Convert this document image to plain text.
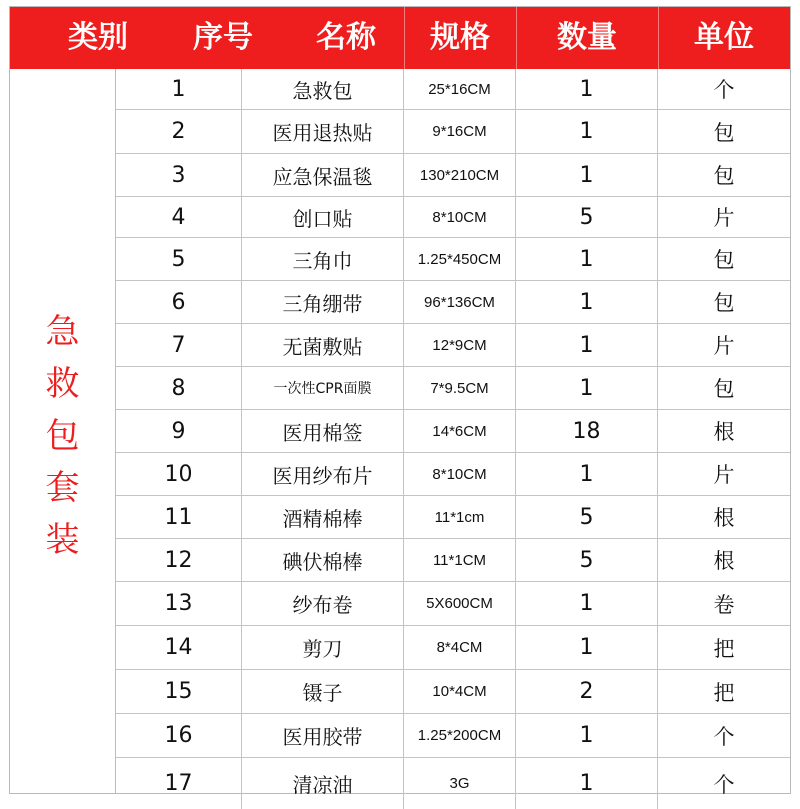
类别	序号	名称	规格	数量	单位
急救包套装
1	急救包	25*16CM	1	个
2	医用退热贴	9*16CM	1	包
3	应急保温毯	130*210CM	1	包
4	创口贴	8*10CM	5	片
5	三角巾	1.25*450CM	1	包
6	三角绷带	96*136CM	1	包
7	无菌敷贴	12*9CM	1	片
8	一次性CPR面膜	7*9.5CM	1	包
9	医用棉签	14*6CM	18	根
10	医用纱布片	8*10CM	1	片
11	酒精棉棒	11*1cm	5	根
12	碘伏棉棒	11*1CM	5	根
13	纱布卷	5X600CM	1	卷
14	剪刀	8*4CM	1	把
15	镊子	10*4CM	2	把
16	医用胶带	1.25*200CM	1	个
17	清凉油	3G	1	个
